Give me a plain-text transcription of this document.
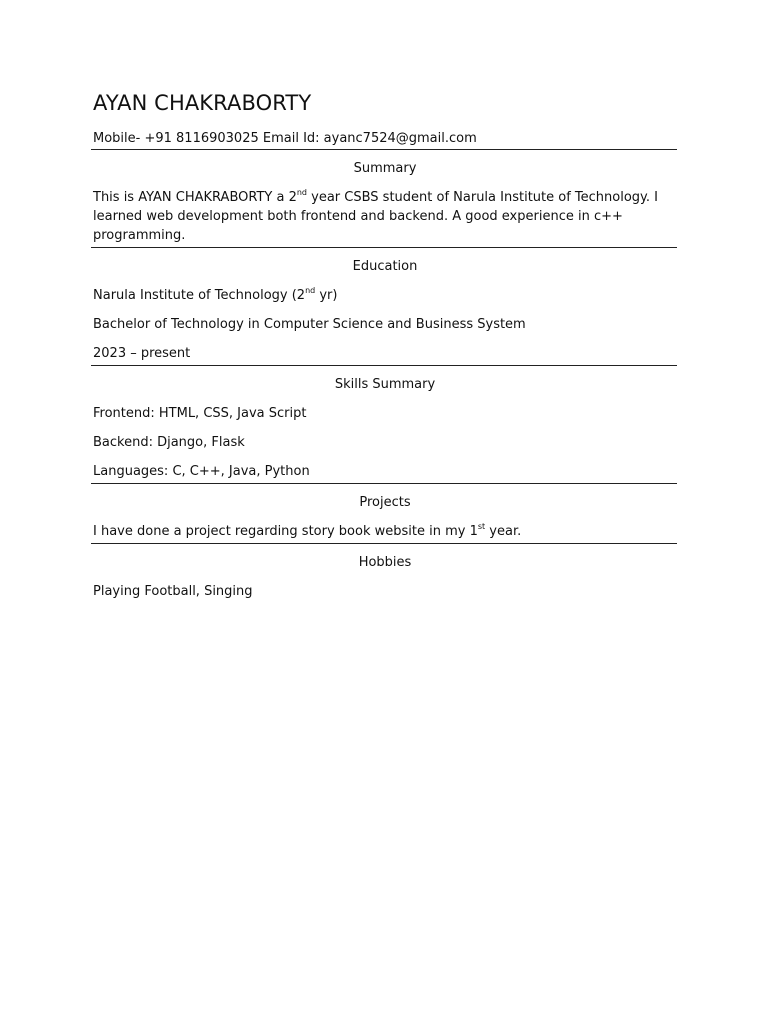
AYAN CHAKRABORTY

Mobile- +91 8116903025 Email Id: ayanc7524@gmail.com

Summary

This is AYAN CHAKRABORTY a 2nd year CSBS student of Narula Institute of Technology. I learned web development both frontend and backend. A good experience in c++ programming.

Education

Narula Institute of Technology (2nd yr)

Bachelor of Technology in Computer Science and Business System

2023 – present

Skills Summary

Frontend: HTML, CSS, Java Script

Backend: Django, Flask

Languages: C, C++, Java, Python

Projects

I have done a project regarding story book website in my 1st year.

Hobbies

Playing Football, Singing
